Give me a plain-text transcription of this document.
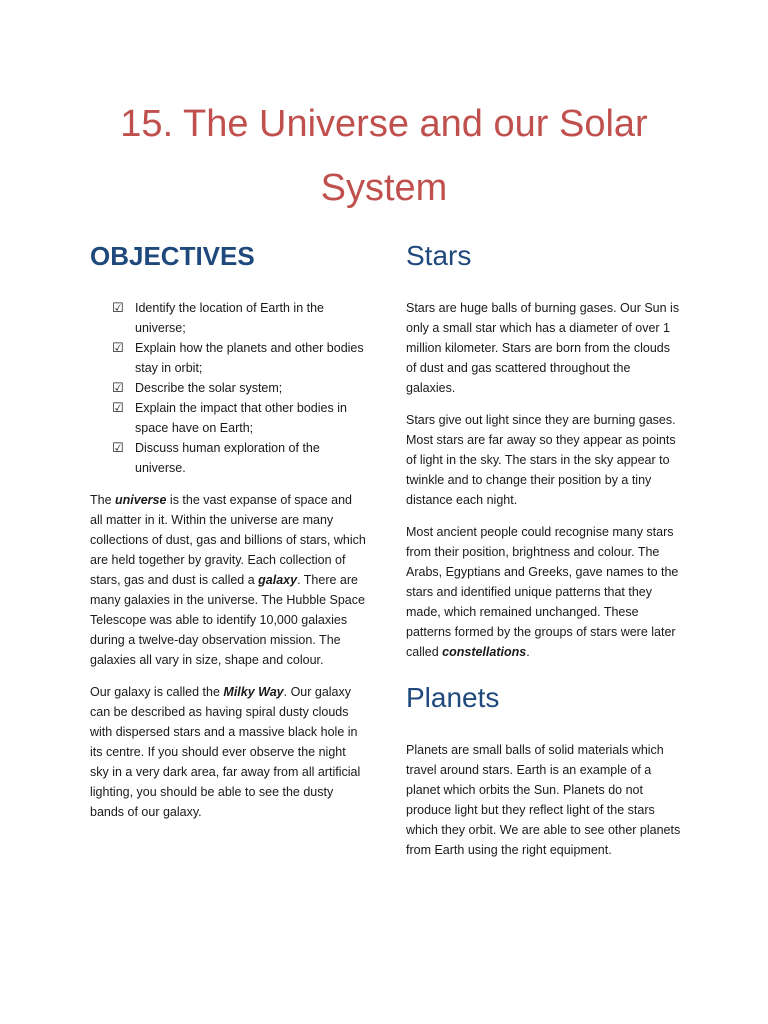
15. The Universe and our Solar System
OBJECTIVES
☑ Identify the location of Earth in the universe;
☑ Explain how the planets and other bodies stay in orbit;
☑ Describe the solar system;
☑ Explain the impact that other bodies in space have on Earth;
☑ Discuss human exploration of the universe.

The universe is the vast expanse of space and all matter in it. Within the universe are many collections of dust, gas and billions of stars, which are held together by gravity. Each collection of stars, gas and dust is called a galaxy. There are many galaxies in the universe. The Hubble Space Telescope was able to identify 10,000 galaxies during a twelve-day observation mission. The galaxies all vary in size, shape and colour.

Our galaxy is called the Milky Way. Our galaxy can be described as having spiral dusty clouds with dispersed stars and a massive black hole in its centre. If you should ever observe the night sky in a very dark area, far away from all artificial lighting, you should be able to see the dusty bands of our galaxy.

Stars

Stars are huge balls of burning gases. Our Sun is only a small star which has a diameter of over 1 million kilometer. Stars are born from the clouds of dust and gas scattered throughout the galaxies.

Stars give out light since they are burning gases. Most stars are far away so they appear as points of light in the sky. The stars in the sky appear to twinkle and to change their position by a tiny distance each night.

Most ancient people could recognise many stars from their position, brightness and colour. The Arabs, Egyptians and Greeks, gave names to the stars and identified unique patterns that they made, which remained unchanged. These patterns formed by the groups of stars were later called constellations.

Planets

Planets are small balls of solid materials which travel around stars. Earth is an example of a planet which orbits the Sun. Planets do not produce light but they reflect light of the stars which they orbit. We are able to see other planets from Earth using the right equipment.
